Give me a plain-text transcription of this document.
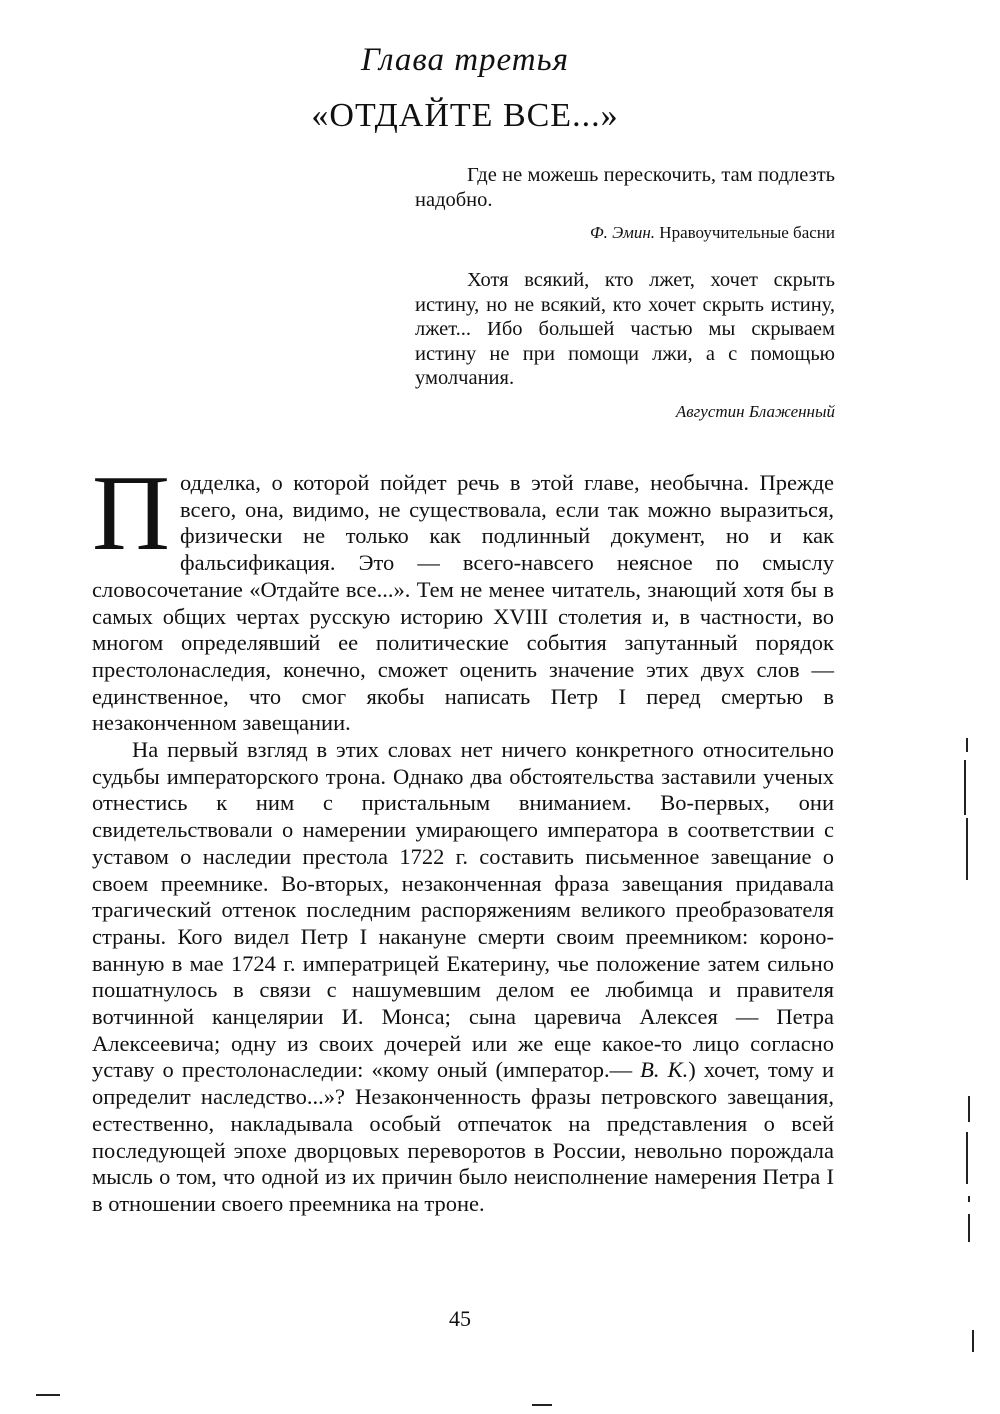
Глава третья
«ОТДАЙТЕ ВСЕ...»

Где не можешь перескочить, там подлезть надобно.

Ф. Эмин. Нравоучительные басни

Хотя всякий, кто лжет, хочет скрыть истину, но не всякий, кто хочет скрыть истину, лжет... Ибо большей частью мы скрываем истину не при помощи лжи, а с помощью умолчания.

Августин Блаженный

Подделка, о которой пойдет речь в этой главе, необычна. Прежде всего, она, видимо, не существовала, если так можно выразиться, физически не только как подлинный документ, но и как фальсификация. Это — всего-навсего неясное по смыслу словосочетание «Отдайте все...». Тем не менее читатель, знающий хотя бы в самых общих чертах русскую историю XVIII столетия и, в частности, во многом определявший ее политические события запутанный порядок престолонаследия, конечно, сможет оценить значение этих двух слов — единственное, что смог якобы написать Петр I перед смертью в незаконченном завещании.

На первый взгляд в этих словах нет ничего конкретного относительно судьбы императорского трона. Однако два обстоятельства заставили ученых отнестись к ним с пристальным вниманием. Во-первых, они свидетельствовали о намерении умирающего императора в соответствии с уставом о наследии престола 1722 г. составить письменное завещание о своем преемнике. Во-вторых, незаконченная фраза завещания придавала трагический оттенок последним распоряжениям великого преобразователя страны. Кого видел Петр I накануне смерти своим преемником: коронованную в мае 1724 г. императрицей Екатерину, чье положение затем сильно пошатнулось в связи с нашумевшим делом ее любимца и правителя вотчинной канцелярии И. Монса; сына царевича Алексея — Петра Алексеевича; одну из своих дочерей или же еще какое-то лицо согласно уставу о престолонаследии: «кому оный (император.— В. К.) хочет, тому и определит наследство...»? Незаконченность фразы петровского завещания, естественно, накладывала особый отпечаток на представления о всей последующей эпохе дворцовых переворотов в России, невольно порождала мысль о том, что одной из их причин было неисполнение намерения Петра I в отношении своего преемника на троне.

45
